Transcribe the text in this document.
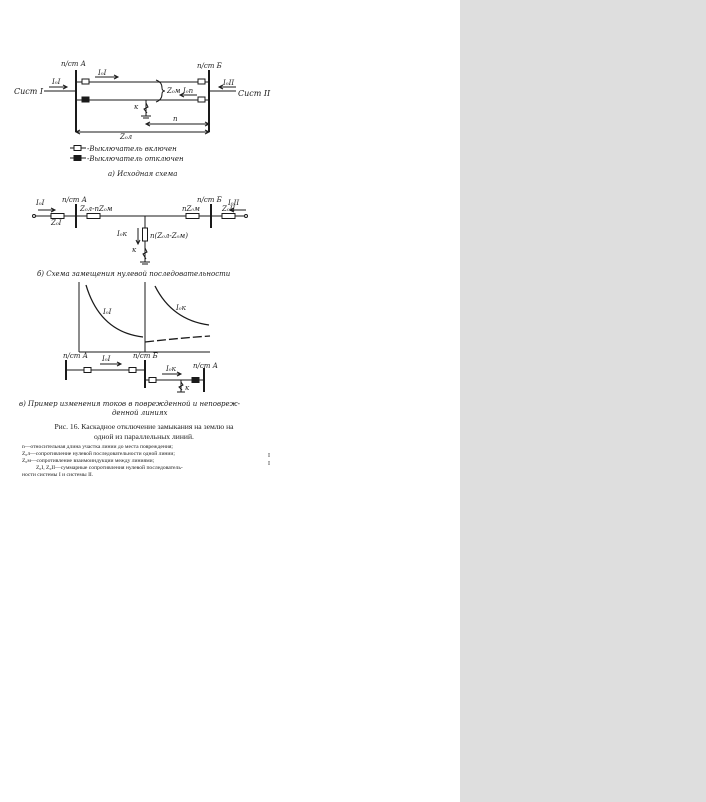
п/ст А	п/ст Б
Сист I	Сист II
I₀I
I₀I
I₀II
I₀п
Z₀м
к
n
Z₀л
-Выключатель включен
-Выключатель отключен
а) Исходная схема
I₀I
Z₀I
п/ст А
Z₀л-nZ₀м
п/ст Б
nZ₀м	Z₀II
I₀II
I₀к	n(Z₀л-Z₀м)
к
б) Схема замещения нулевой последовательности
I₀I	I₀к
п/ст А I₀I	п/ст Б
I₀к п/ст А
к
в) Пример изменения токов в поврежденной и неповреж-
денной линиях

Рис. 16. Каскадное отключение замыкания на землю на
одной из параллельных линий.

n—относительная длина участка линии до места повреждения;
Z₀л—сопротивление нулевой последовательности одной линии;
Z₀м—сопротивление взаимоиндукции между линиями;
Z₀I, Z₀II—суммарные сопротивления нулевой последователь-
ности системы I и системы II.

I
I
